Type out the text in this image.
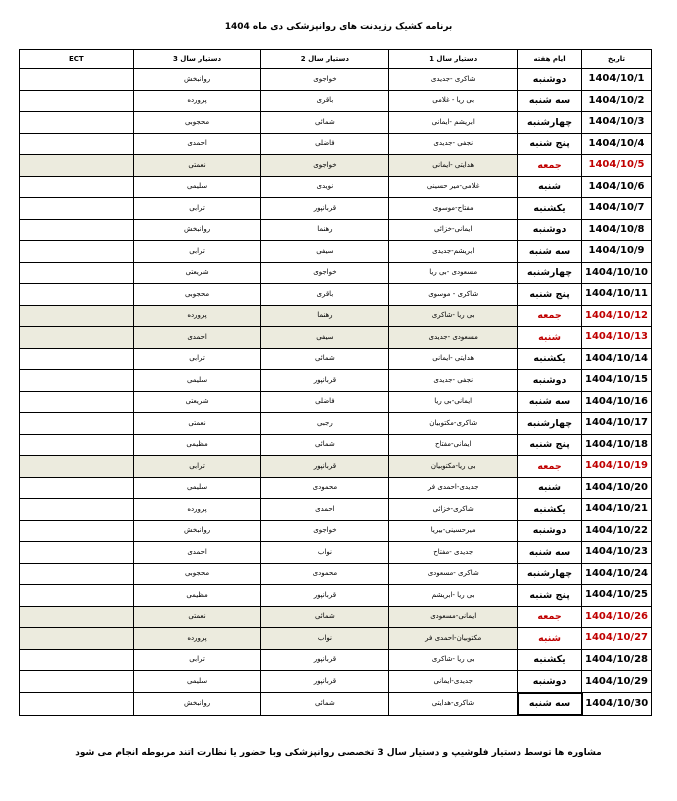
برنامه کشیک رزیدنت های روانپزشکی دی ماه 1404
تاریخ	ایام هفته	دستیار سال 1	دستیار سال 2	دستیار سال 3	ECT
1404/10/1	دوشنبه	شاکری -جدیدی	خواجوی	روانبخش	
1404/10/2	سه شنبه	بی ریا - غلامی	باقری	پرورده	
1404/10/3	چهارشنبه	ابریشم -ایمانی	شمائی	محجوبی	
1404/10/4	پنج شنبه	نجفی -جدیدی	فاضلی	احمدی	
1404/10/5	جمعه	هدایتی -ایمانی	خواجوی	نعمتی	
1404/10/6	شنبه	غلامی-میر حسینی	نویدی	سلیمی	
1404/10/7	یکشنبه	مفتاح-موسوی	قربانپور	ترابی	
1404/10/8	دوشنبه	ایمانی-خزائی	رهنما	روانبخش	
1404/10/9	سه شنبه	ابریشم-جدیدی	سیفی	ترابی	
1404/10/10	چهارشنبه	مسعودی -بی ریا	خواجوی	شریعتی	
1404/10/11	پنج شنبه	شاکری - موسوی	باقری	محجوبی	
1404/10/12	جمعه	بی ریا -شاکری	رهنما	پرورده	
1404/10/13	شنبه	مسعودی -جدیدی	سیفی	احمدی	
1404/10/14	یکشنبه	هدایتی -ایمانی	شمائی	ترابی	
1404/10/15	دوشنبه	نجفی -جدیدی	قربانپور	سلیمی	
1404/10/16	سه شنبه	ایمانی-بی ریا	فاضلی	شریعتی	
1404/10/17	چهارشنبه	شاکری-مکتوبیان	رجبی	نعمتی	
1404/10/18	پنج شنبه	ایمانی-مفتاح	شمائی	مظیمی	
1404/10/19	جمعه	بی ریا-مکتوبیان	قربانپور	ترابی	
1404/10/20	شنبه	جدیدی-احمدی فر	محمودی	سلیمی	
1404/10/21	یکشنبه	شاکری-خزائی	احمدی	پرورده	
1404/10/22	دوشنبه	میرحسینی-بیریا	خواجوی	روانبخش	
1404/10/23	سه شنبه	جدیدی -مفتاح	نواب	احمدی	
1404/10/24	چهارشنبه	شاکری -مسعودی	محمودی	محجوبی	
1404/10/25	پنج شنبه	بی ریا -ابریشم	قربانپور	مظیمی	
1404/10/26	جمعه	ایمانی-مسعودی	شمائی	نعمتی	
1404/10/27	شنبه	مکتوبیان-احمدی فر	نواب	پرورده	
1404/10/28	یکشنبه	بی ریا -شاکری	قربانپور	ترابی	
1404/10/29	دوشنبه	جدیدی-ایمانی	قربانپور	سلیمی	
1404/10/30	سه شنبه	شاکری-هدایتی	شمائی	روانبخش	
مشاوره ها توسط دستیار فلوشیپ و دستیار سال 3 تخصصی روانپزشکی وبا حضور یا نظارت اتند مربوطه انجام می شود
